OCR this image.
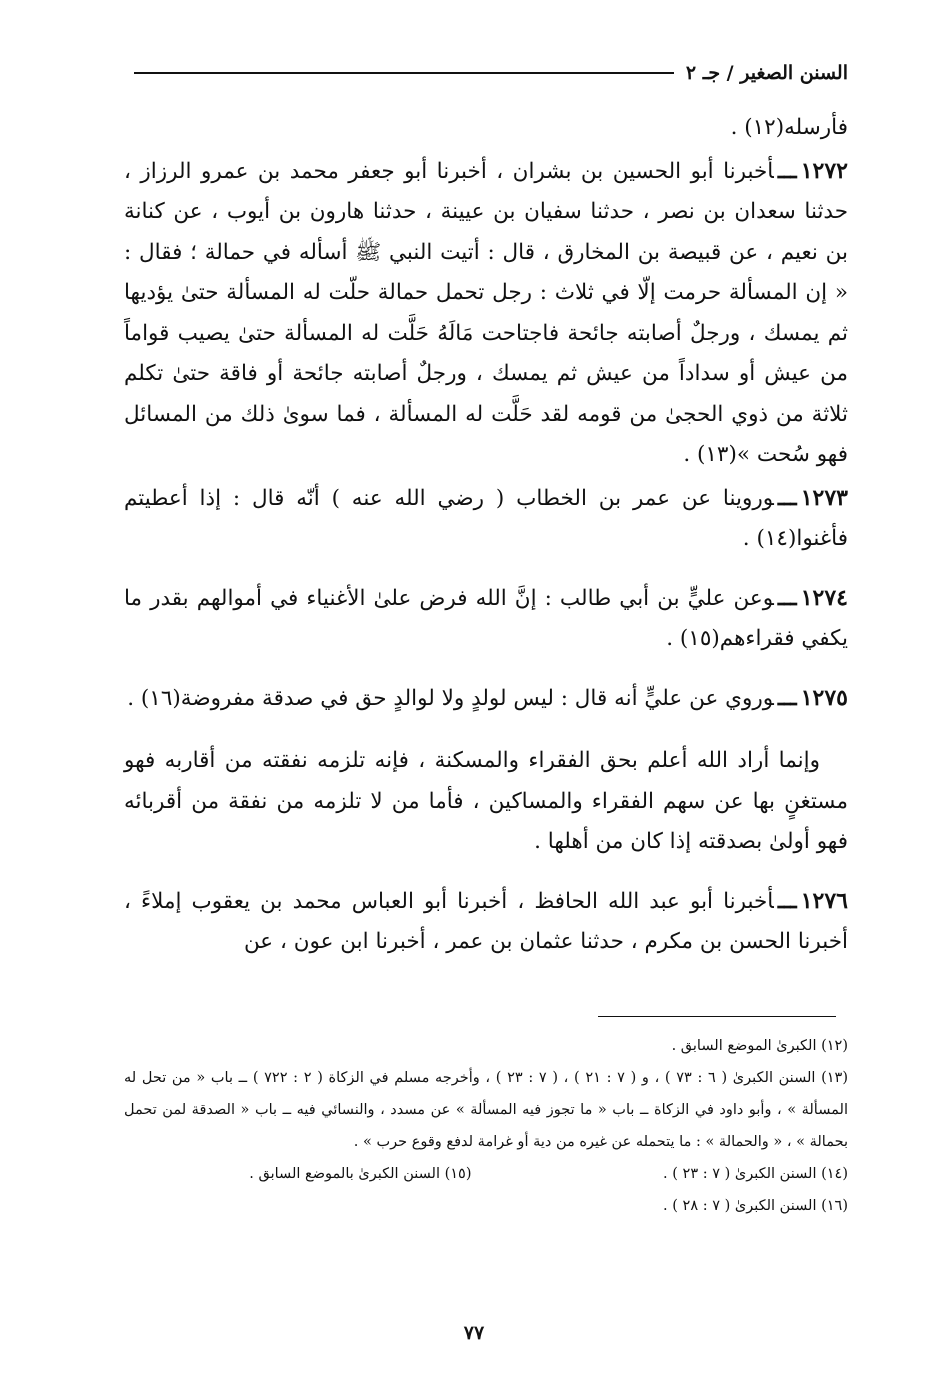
السنن الصغير / جـ ٢

فأرسله(١٢) .

١٢٧٢ـــأخبرنا أبو الحسين بن بشران ، أخبرنا أبو جعفر محمد بن عمرو الرزاز ، حدثنا سعدان بن نصر ، حدثنا سفيان بن عيينة ، حدثنا هارون بن أيوب ، عن كنانة بن نعيم ، عن قبيصة بن المخارق ، قال : أتيت النبي ﷺ أسأله في حمالة ؛ فقال : « إن المسألة حرمت إلّا في ثلاث : رجل تحمل حمالة حلّت له المسألة حتىٰ يؤديها ثم يمسك ، ورجلٌ أصابته جائحة فاجتاحت مَالَهُ حَلَّت له المسألة حتىٰ يصيب قواماً من عيش أو سداداً من عيش ثم يمسك ، ورجلٌ أصابته جائحة أو فاقة حتىٰ تكلم ثلاثة من ذوي الحجىٰ من قومه لقد حَلَّت له المسألة ، فما سوىٰ ذلك من المسائل فهو سُحت »(١٣) .

١٢٧٣ـــوروينا عن عمر بن الخطاب ( رضي الله عنه ) أنّه قال : إذا أعطيتم فأغنوا(١٤) .

١٢٧٤ـــوعن عليٍّ بن أبي طالب : إنَّ الله فرض علىٰ الأغنياء في أموالهم بقدر ما يكفي فقراءهم(١٥) .

١٢٧٥ـــوروي عن عليٍّ أنه قال : ليس لولدٍ ولا لوالدٍ حق في صدقة مفروضة(١٦) .

وإنما أراد الله أعلم بحق الفقراء والمسكنة ، فإنه تلزمه نفقته من أقاربه فهو مستغنٍ بها عن سهم الفقراء والمساكين ، فأما من لا تلزمه من نفقة من أقربائه فهو أولىٰ بصدقته إذا كان من أهلها .

١٢٧٦ـــأخبرنا أبو عبد الله الحافظ ، أخبرنا أبو العباس محمد بن يعقوب إملاءً ، أخبرنا الحسن بن مكرم ، حدثنا عثمان بن عمر ، أخبرنا ابن عون ، عن

(١٢) الكبرىٰ الموضع السابق .

(١٣) السنن الكبرىٰ ( ٦ : ٧٣ ) ، و ( ٧ : ٢١ ) ، ( ٧ : ٢٣ ) ، وأخرجه مسلم في الزكاة ( ٢ : ٧٢٢ ) ــ باب « من تحل له المسألة » ، وأبو داود في الزكاة ــ باب « ما تجوز فيه المسألة » عن مسدد ، والنسائي فيه ــ باب « الصدقة لمن تحمل بحمالة » ، « والحمالة » : ما يتحمله عن غيره من دية أو غرامة لدفع وقوع حرب » .

(١٤) السنن الكبرىٰ ( ٧ : ٢٣ ) .

(١٥) السنن الكبرىٰ بالموضع السابق .

(١٦) السنن الكبرىٰ ( ٧ : ٢٨ ) .

٧٧
